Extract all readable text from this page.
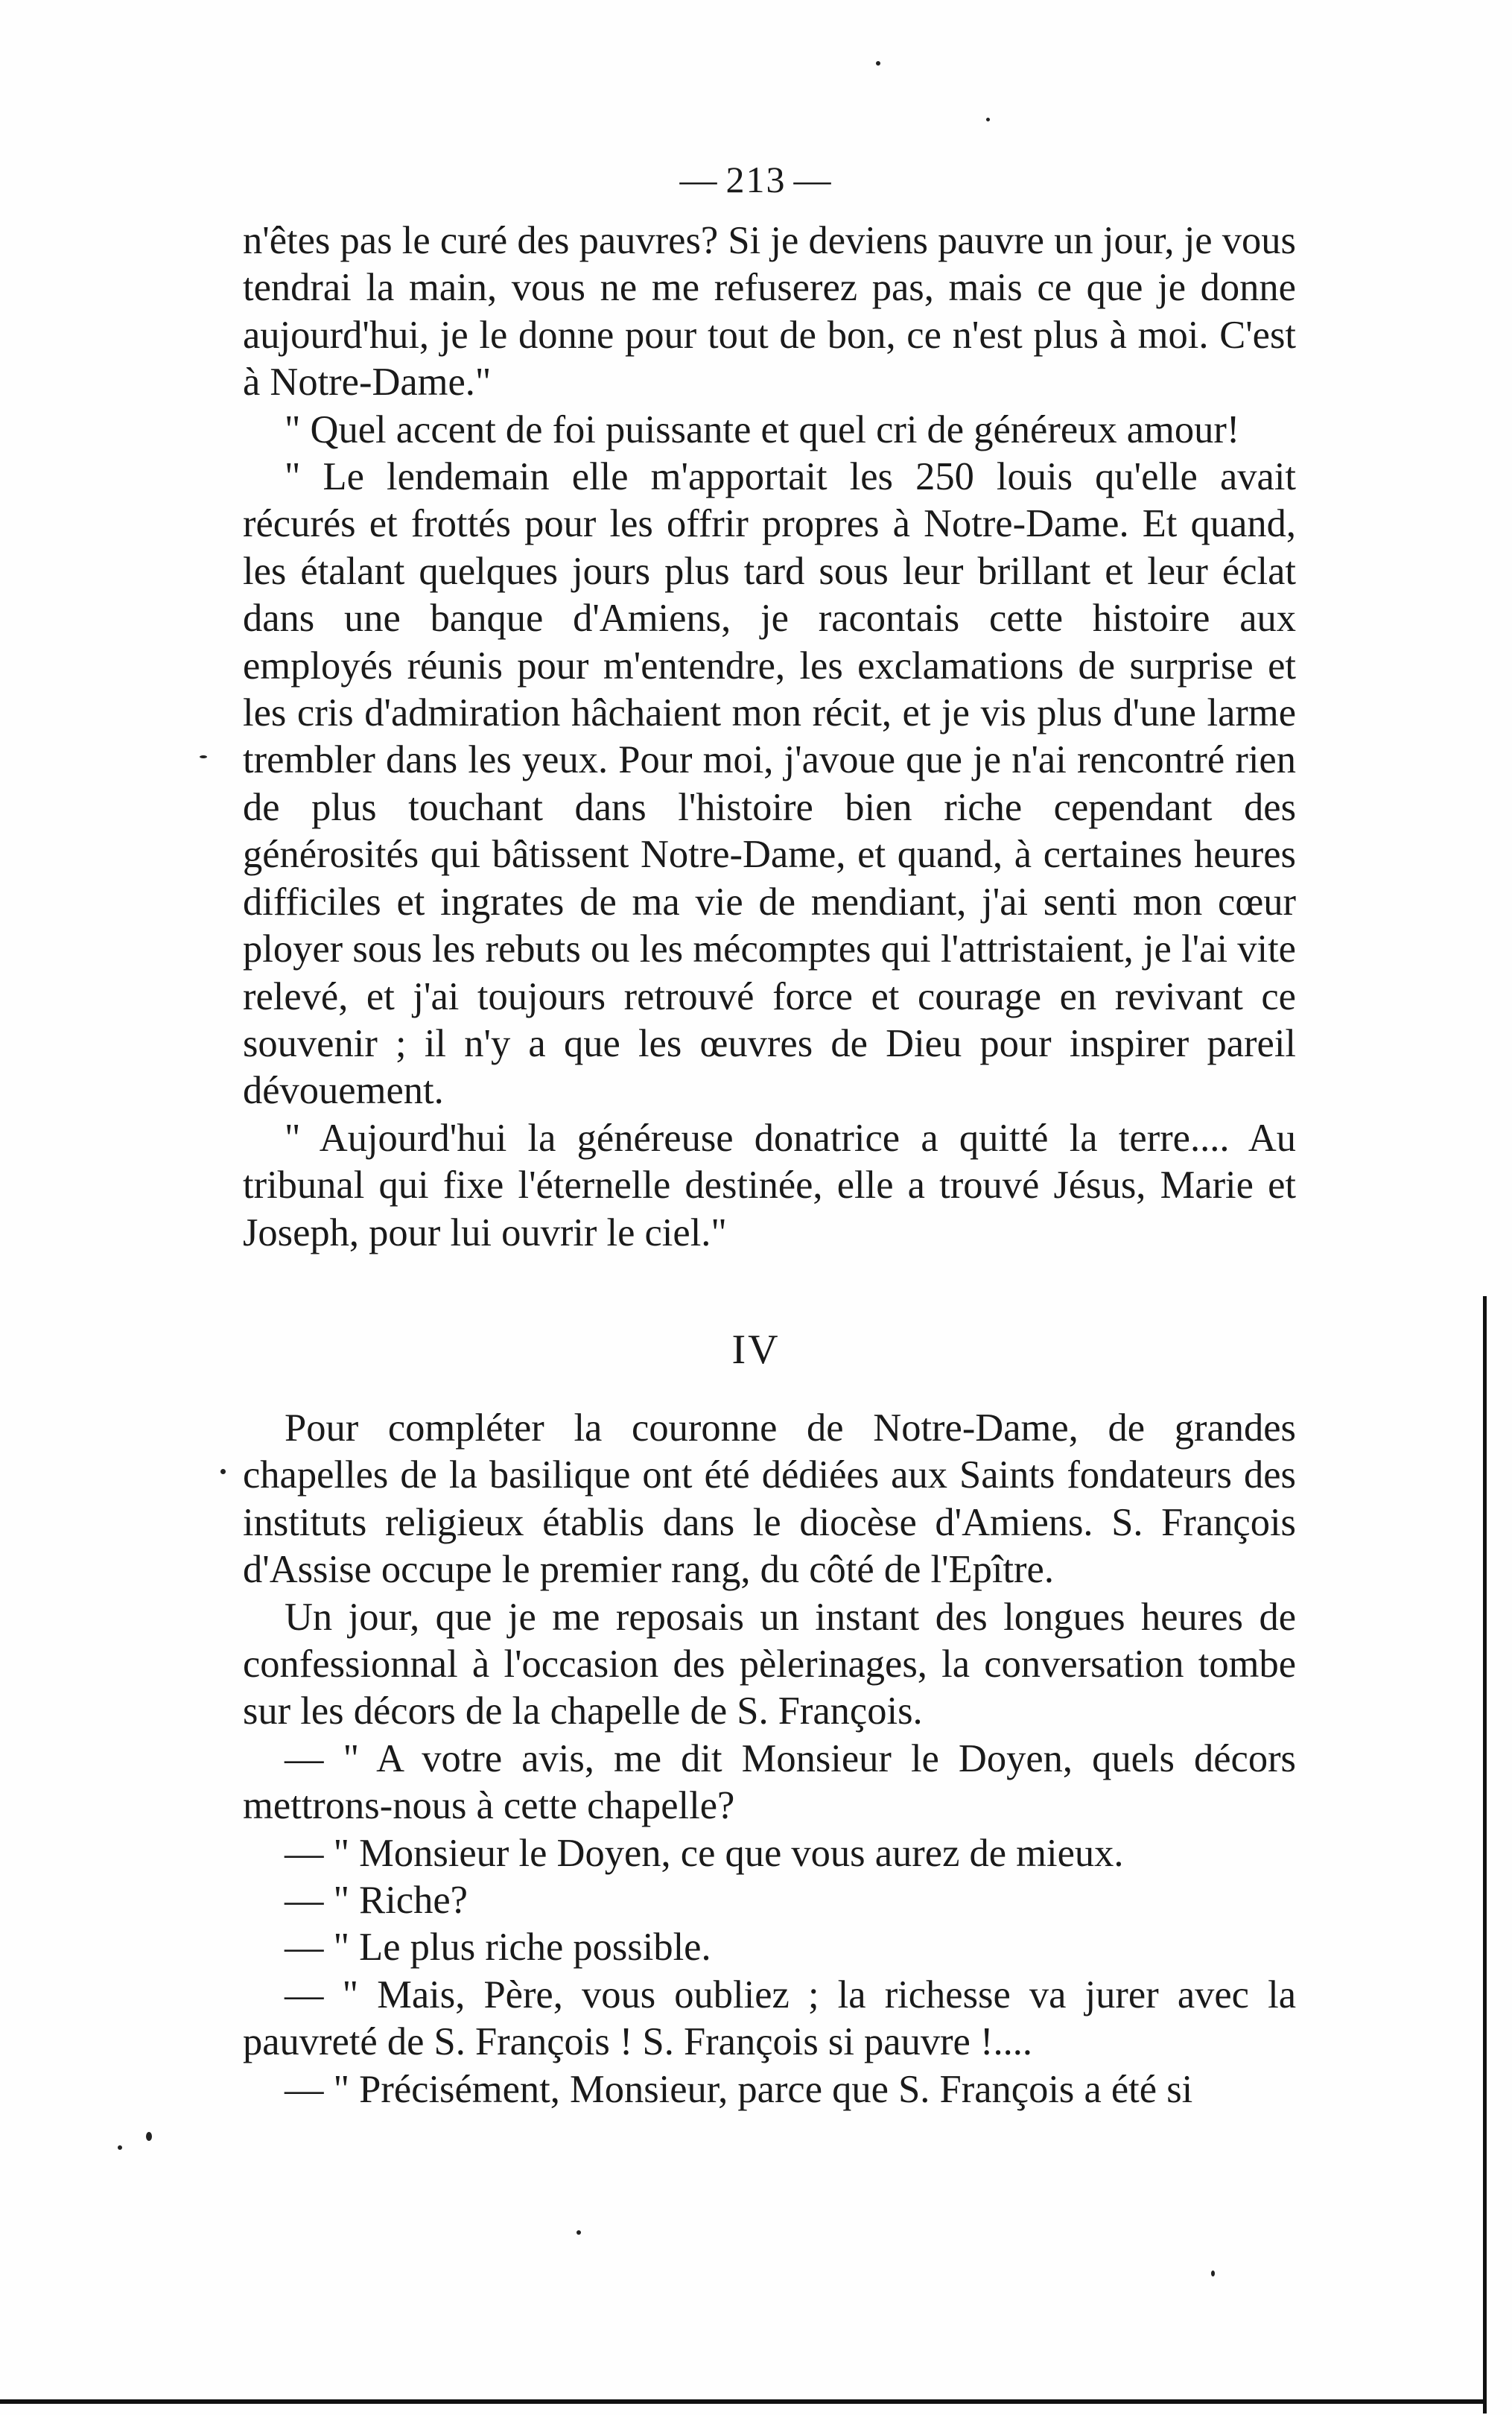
— 213 —

n'êtes pas le curé des pauvres? Si je deviens pauvre un jour, je vous tendrai la main, vous ne me refuserez pas, mais ce que je donne aujourd'hui, je le donne pour tout de bon, ce n'est plus à moi. C'est à Notre-Dame."

" Quel accent de foi puissante et quel cri de généreux amour!

" Le lendemain elle m'apportait les 250 louis qu'elle avait récurés et frottés pour les offrir propres à Notre-Dame. Et quand, les étalant quelques jours plus tard sous leur brillant et leur éclat dans une banque d'Amiens, je racontais cette histoire aux employés réunis pour m'entendre, les exclamations de surprise et les cris d'admiration hâchaient mon récit, et je vis plus d'une larme trembler dans les yeux. Pour moi, j'avoue que je n'ai rencontré rien de plus touchant dans l'histoire bien riche cependant des générosités qui bâtissent Notre-Dame, et quand, à certaines heures difficiles et ingrates de ma vie de mendiant, j'ai senti mon cœur ployer sous les rebuts ou les mécomptes qui l'attristaient, je l'ai vite relevé, et j'ai toujours retrouvé force et courage en revivant ce souvenir ; il n'y a que les œuvres de Dieu pour inspirer pareil dévouement.

" Aujourd'hui la généreuse donatrice a quitté la terre.... Au tribunal qui fixe l'éternelle destinée, elle a trouvé Jésus, Marie et Joseph, pour lui ouvrir le ciel."

IV

Pour compléter la couronne de Notre-Dame, de grandes chapelles de la basilique ont été dédiées aux Saints fondateurs des instituts religieux établis dans le diocèse d'Amiens. S. François d'Assise occupe le premier rang, du côté de l'Epître.

Un jour, que je me reposais un instant des longues heures de confessionnal à l'occasion des pèlerinages, la conversation tombe sur les décors de la chapelle de S. François.

— " A votre avis, me dit Monsieur le Doyen, quels décors mettrons-nous à cette chapelle?

— " Monsieur le Doyen, ce que vous aurez de mieux.

— " Riche?

— " Le plus riche possible.

— " Mais, Père, vous oubliez ; la richesse va jurer avec la pauvreté de S. François ! S. François si pauvre !....

— " Précisément, Monsieur, parce que S. François a été si
